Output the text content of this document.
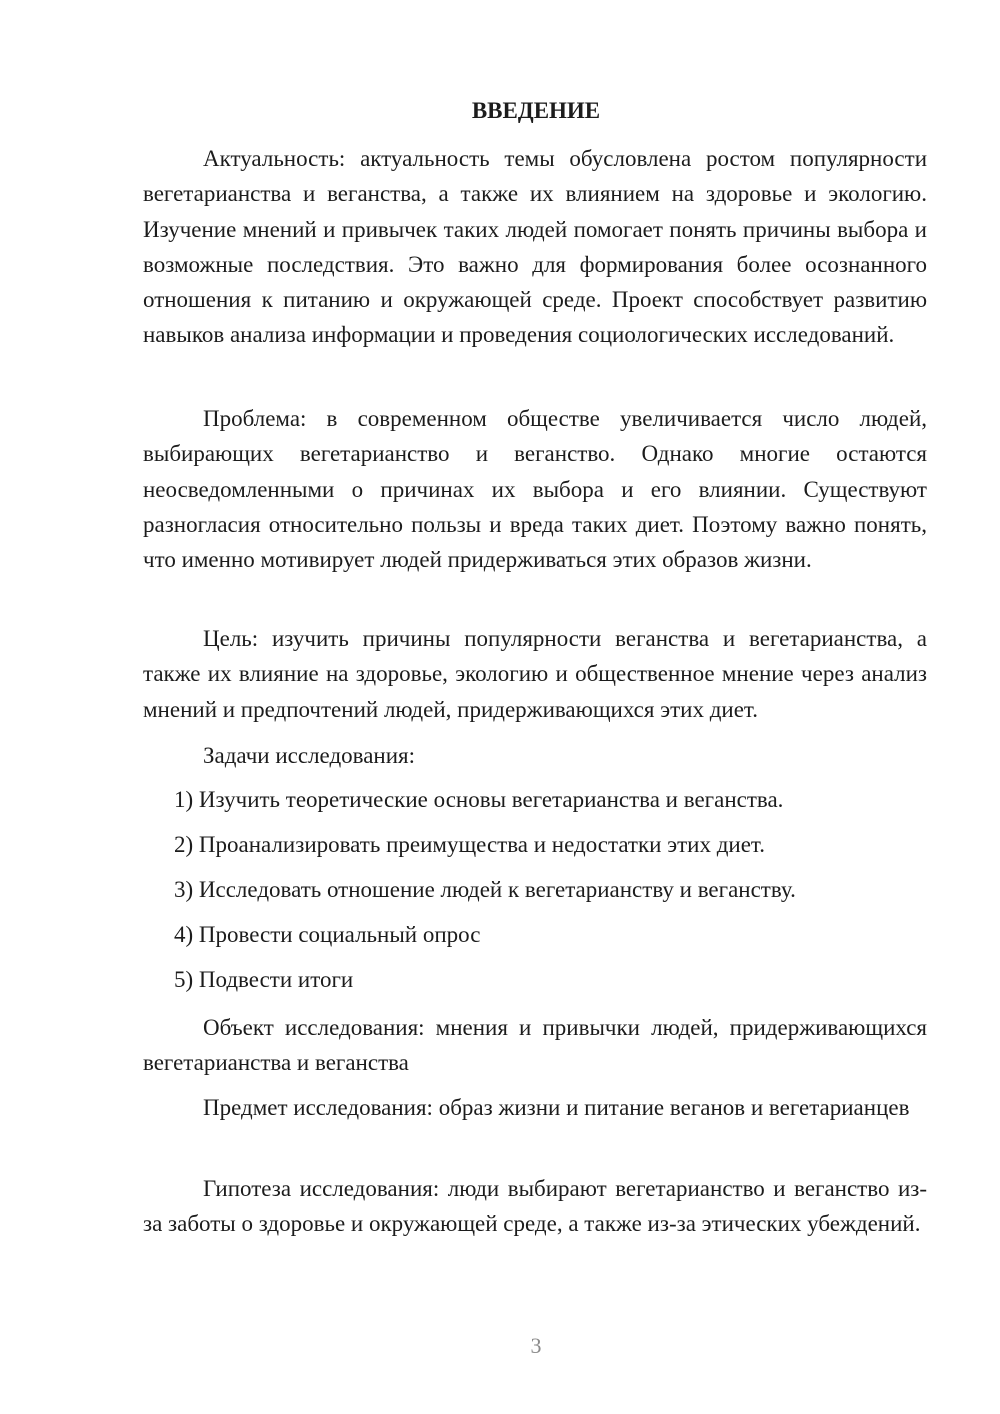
ВВЕДЕНИЕ

Актуальность: актуальность темы обусловлена ростом популярности вегетарианства и веганства, а также их влиянием на здоровье и экологию. Изучение мнений и привычек таких людей помогает понять причины выбора и возможные последствия. Это важно для формирования более осознанного отношения к питанию и окружающей среде. Проект способствует развитию навыков анализа информации и проведения социологических исследований.

Проблема: в современном обществе увеличивается число людей, выбирающих вегетарианство и веганство. Однако многие остаются неосведомленными о причинах их выбора и его влиянии. Существуют разногласия относительно пользы и вреда таких диет. Поэтому важно понять, что именно мотивирует людей придерживаться этих образов жизни.

Цель: изучить причины популярности веганства и вегетарианства, а также их влияние на здоровье, экологию и общественное мнение через анализ мнений и предпочтений людей, придерживающихся этих диет.

Задачи исследования:

1) Изучить теоретические основы вегетарианства и веганства.

2) Проанализировать преимущества и недостатки этих диет.

3) Исследовать отношение людей к вегетарианству и веганству.

4) Провести социальный опрос

5) Подвести итоги

Объект исследования: мнения и привычки людей, придерживающихся вегетарианства и веганства

Предмет исследования: образ жизни и питание веганов и вегетарианцев

Гипотеза исследования: люди выбирают вегетарианство и веганство из-за заботы о здоровье и окружающей среде, а также из-за этических убеждений.

3
